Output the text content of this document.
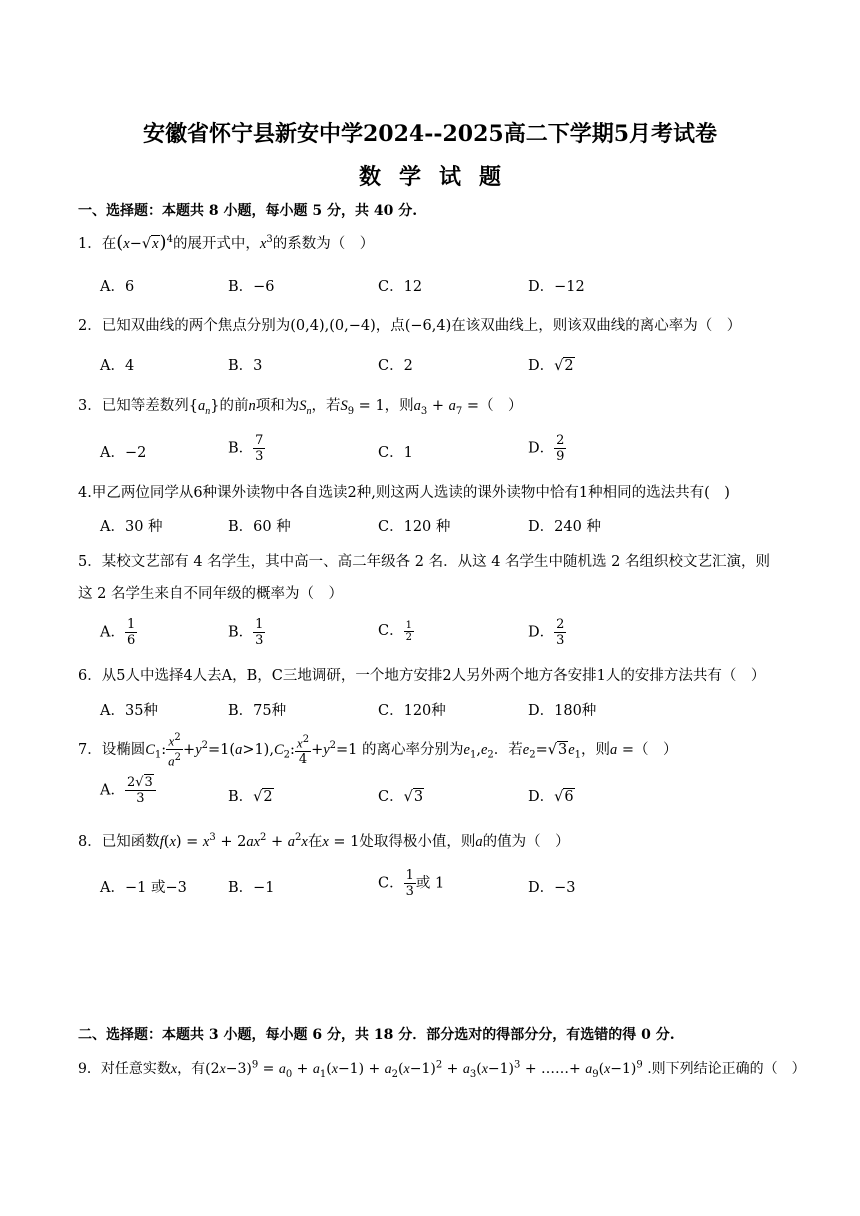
安徽省怀宁县新安中学2024--2025高二下学期5月考试卷
数学试题
一、选择题：本题共 8 小题，每小题 5 分，共 40 分.
1．在$(x-√x)^4$的展开式中，$x^3$的系数为（　）
A．6	B．−6	C．12	D．−12
2．已知双曲线的两个焦点分别为(0,4),(0,−4)，点(−6,4)在该双曲线上，则该双曲线的离心率为（　）
A．4	B．3	C．2	D．√2
3．已知等差数列$\{a_n\}$的前n项和为$S_n$，若$S_9 = 1$，则$a_3 + a_7$ =（　）
A．−2	B． $\frac{7}{3}$	C．1	D． $\frac{2}{9}$
4.甲乙两位同学从6种课外读物中各自选读2种,则这两人选读的课外读物中恰有1种相同的选法共有(　)
A．30 种	B．60 种	C．120 种	D．240 种
5．某校文艺部有 4 名学生，其中高一、高二年级各 2 名．从这 4 名学生中随机选 2 名组织校文艺汇演，则
这 2 名学生来自不同年级的概率为（　）
A． $\frac{1}{6}$	B． $\frac{1}{3}$	C． $\frac{1}{2}$	D． $\frac{2}{3}$
6．从5人中选择4人去A，B，C三地调研，一个地方安排2人另外两个地方各安排1人的安排方法共有（　）
A．35种	B．75种	C．120种	D．180种
7．设椭圆$C_1$: $\frac{x^2}{a^2} +y^2=1(a>1),C_2$: $\frac{x^2}{4} +y^2=1$ 的离心率分别为$e_1,e_2$．若$e_2=√3e_1$，则a =（　）
A． $\frac{2√3}{3}$	B．√2	C．√3	D．√6
8．已知函数$f(x) = x^3 + 2ax^2 + a^2x$在x = 1处取得极小值，则a的值为（　）
A．−1 或−3	B．−1	C． $\frac{1}{3}$ 或 1	D．−3
二、选择题：本题共 3 小题，每小题 6 分，共 18 分．部分选对的得部分分，有选错的得 0 分.
9．对任意实数x，有$(2x-3)^9 = a_0 + a_1(x-1) + a_2(x-1)^2 + a_3(x-1)^3$ + ……+ $a_9(x-1)^9$ .则下列结论正确的（　）
